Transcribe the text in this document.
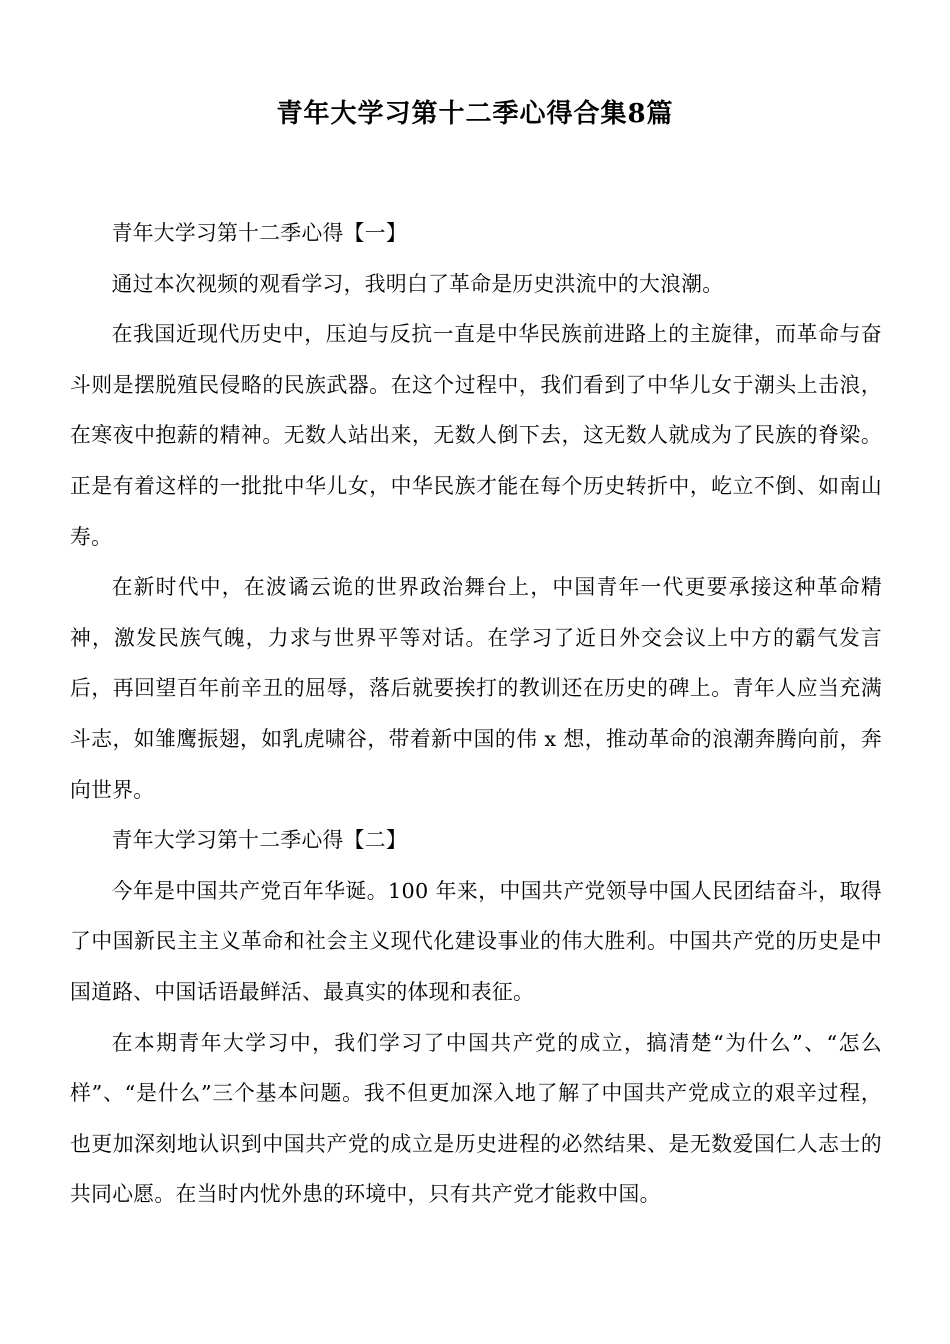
青年大学习第十二季心得合集8篇

青年大学习第十二季心得【一】

通过本次视频的观看学习，我明白了革命是历史洪流中的大浪潮。

在我国近现代历史中，压迫与反抗一直是中华民族前进路上的主旋律，而革命与奋斗则是摆脱殖民侵略的民族武器。在这个过程中，我们看到了中华儿女于潮头上击浪，在寒夜中抱薪的精神。无数人站出来，无数人倒下去，这无数人就成为了民族的脊梁。正是有着这样的一批批中华儿女，中华民族才能在每个历史转折中，屹立不倒、如南山寿。

在新时代中，在波谲云诡的世界政治舞台上，中国青年一代更要承接这种革命精神，激发民族气魄，力求与世界平等对话。在学习了近日外交会议上中方的霸气发言后，再回望百年前辛丑的屈辱，落后就要挨打的教训还在历史的碑上。青年人应当充满斗志，如雏鹰振翅，如乳虎啸谷，带着新中国的伟 x 想，推动革命的浪潮奔腾向前，奔向世界。

青年大学习第十二季心得【二】

今年是中国共产党百年华诞。100 年来，中国共产党领导中国人民团结奋斗，取得了中国新民主主义革命和社会主义现代化建设事业的伟大胜利。中国共产党的历史是中国道路、中国话语最鲜活、最真实的体现和表征。

在本期青年大学习中，我们学习了中国共产党的成立，搞清楚“为什么”、“怎么样”、“是什么”三个基本问题。我不但更加深入地了解了中国共产党成立的艰辛过程，也更加深刻地认识到中国共产党的成立是历史进程的必然结果、是无数爱国仁人志士的共同心愿。在当时内忧外患的环境中，只有共产党才能救中国。
